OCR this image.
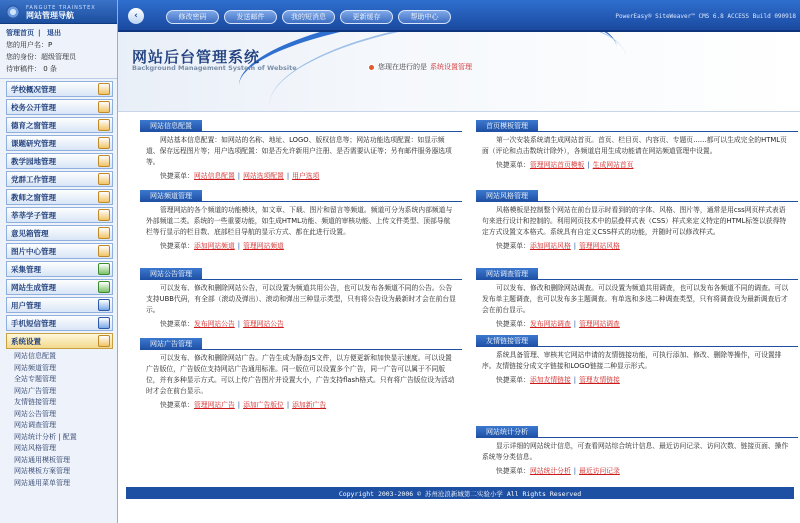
FANGUTE TRAINSTEX
网站管理导航
管理首页 | 退出
您的用户名：P
您的身份：超级管理员
待审稿件： 0 条
学校概况管理
校务公开管理
德育之窗管理
课题研究管理
教学园地管理
党群工作管理
教师之窗管理
莘莘学子管理
意见箱管理
图片中心管理
采集管理
网站生成管理
用户管理
手机短信管理
系统设置
网站信息配置
网站频道管理
全站专题管理
网站广告管理
友情链接管理
网站公告管理
网站调查管理
网站统计分析 | 配置
网站风格管理
网站通用模板管理
网站模板方案管理
网站通用菜单管理
‹	修改密码	发送邮件	我的短消息	更新缓存	帮助中心	PowerEasy® SiteWeaver™ CMS 6.8 ACCESS Build 090918
网站后台管理系统
Background Management System of Website	您现在进行的是 系统设置管理
网站信息配置
网站基本信息配置：如网站的名称、地址、LOGO、版权信息等；网站功能选项配置：如显示频道、保存远程图片等；用户选项配置：如是否允许新用户注册、是否需要认证等；另有邮件服务器选项等。
快捷菜单：网站信息配置 | 网站选项配置 | 用户选项
网站频道管理
管理网站的各个频道的功能模块，如文章、下载、图片和留言等频道。频道可分为系统内部频道与外部频道二类。系统的一些重要功能，如生成HTML功能、频道的审核功能、上传文件类型、顶部导航栏等行显示的栏目数、底部栏目导航的显示方式、都在此进行设置。
快捷菜单：添加网站频道 | 管理网站频道
网站公告管理
可以发布、修改和删除网站公告，可以设置为频道共用公告，也可以发布各频道不同的公告。公告支持UBB代码，有全部（滚动及弹出）、滚动和弹出三种显示类型，只有将公告设为最新时才会在前台显示。
快捷菜单：发布网站公告 | 管理网站公告
网站广告管理
可以发布、修改和删除网站广告。广告生成为静态JS文件，以方便更新和加快显示速度。可以设置广告版位，广告版位支持网站广告通用标准。同一版位可以设置多个广告，同一广告可以属于不同版位，并有多种显示方式。可以上传广告图片并设置大小，广告支持flash格式。只有将广告版位设为活动时才会在前台显示。
快捷菜单：管理网站广告 | 添加广告版位 | 添加新广告
首页模板管理
第一次安装系统请生成网站首页。首页、栏目页、内容页、专题页……都可以生成完全的HTML页面（评论和点击数统计除外），各频道启用生成功能请在网站频道管理中设置。
快捷菜单：管理网站首页模板 | 生成网站首页
网站风格管理
风格模板是控制整个网站在前台显示时看到的的字体、风格、图片等，通常是用css网页样式表语句来进行设计和控制的。利用网页技术中的层叠样式表（CSS）样式来定义特定的HTML标签以获得特定方式设置文本格式。系统具有自定义CSS样式的功能，并随时可以修改样式。
快捷菜单：添加网站风格 | 管理网站风格
网站调查管理
可以发布、修改和删除网站调查。可以设置为频道共用调查，也可以发布各频道不同的调查。可以发布单主题调查，也可以发布多主题调查。有单选和多选二种调查类型，只有将调查设为最新调查后才会在前台显示。
快捷菜单：发布网站调查 | 管理网站调查
友情链接管理
系统具备管理、审核其它网站申请的友情链接功能，可执行添加、修改、删除等操作，可设置排序。友情链接分成文字链接和LOGO链接二种显示形式。
快捷菜单：添加友情链接 | 管理友情链接
网站统计分析
显示详细的网站统计信息，可查看网站综合统计信息、最近访问记录、访问次数、链接页面、操作系统等分类信息。
快捷菜单：网站统计分析 | 最近访问记录
Copyright 2003-2006 © 苏州沧浪新城第二实验小学 All Rights Reserved
